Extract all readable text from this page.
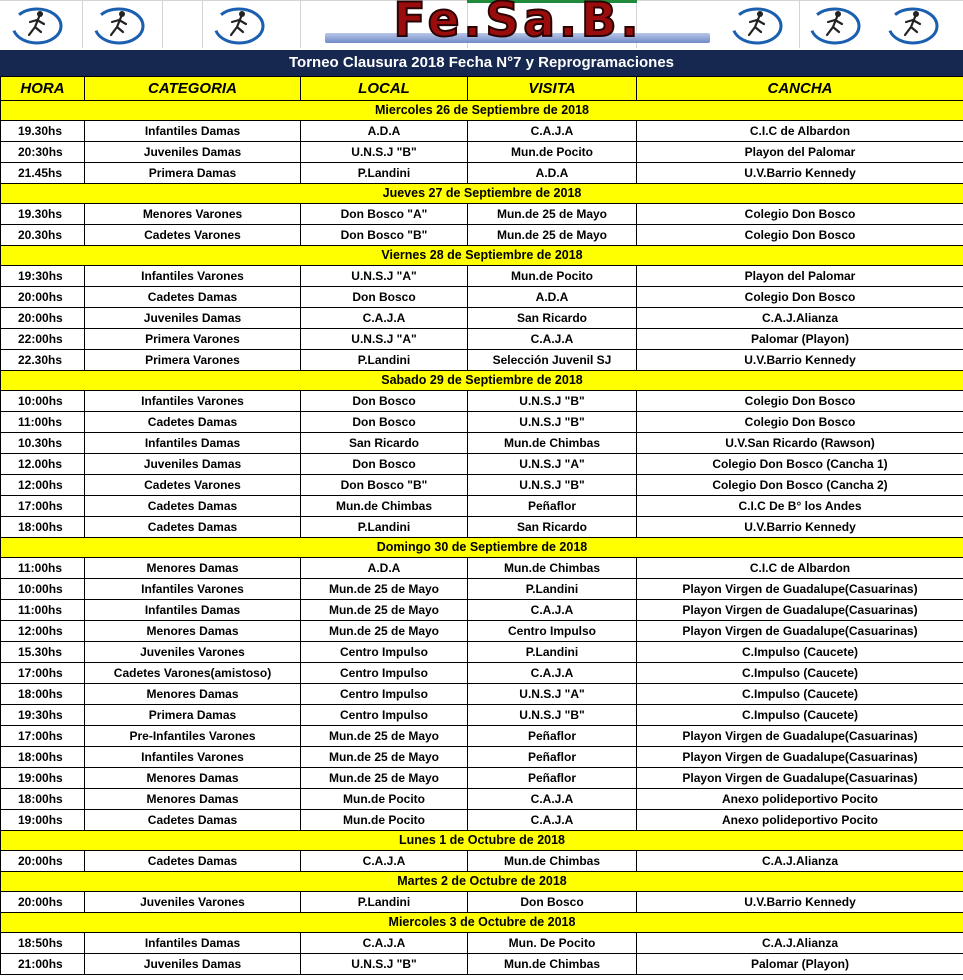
Fe.Sa.B.
Torneo Clausura 2018 Fecha N°7 y Reprogramaciones
HORA	CATEGORIA	LOCAL	VISITA	CANCHA
Miercoles 26 de Septiembre de 2018				
19.30hs	Infantiles Damas	A.D.A	C.A.J.A	C.I.C de Albardon
20:30hs	Juveniles Damas	U.N.S.J "B"	Mun.de Pocito	Playon del Palomar
21.45hs	Primera Damas	P.Landini	A.D.A	U.V.Barrio Kennedy
Jueves 27 de Septiembre de 2018				
19.30hs	Menores Varones	Don Bosco "A"	Mun.de 25 de Mayo	Colegio Don Bosco
20.30hs	Cadetes Varones	Don Bosco "B"	Mun.de 25 de Mayo	Colegio Don Bosco
Viernes 28 de Septiembre de 2018				
19:30hs	Infantiles Varones	U.N.S.J "A"	Mun.de Pocito	Playon del Palomar
20:00hs	Cadetes Damas	Don Bosco	A.D.A	Colegio Don Bosco
20:00hs	Juveniles Damas	C.A.J.A	San Ricardo	C.A.J.Alianza
22:00hs	Primera Varones	U.N.S.J "A"	C.A.J.A	Palomar (Playon)
22.30hs	Primera Varones	P.Landini	Selección Juvenil SJ	U.V.Barrio Kennedy
Sabado 29 de Septiembre de 2018				
10:00hs	Infantiles Varones	Don Bosco	U.N.S.J "B"	Colegio Don Bosco
11:00hs	Cadetes Damas	Don Bosco	U.N.S.J "B"	Colegio Don Bosco
10.30hs	Infantiles Damas	San Ricardo	Mun.de Chimbas	U.V.San Ricardo (Rawson)
12.00hs	Juveniles Damas	Don Bosco	U.N.S.J "A"	Colegio Don Bosco (Cancha 1)
12:00hs	Cadetes Varones	Don Bosco "B"	U.N.S.J "B"	Colegio Don Bosco (Cancha 2)
17:00hs	Cadetes Damas	Mun.de Chimbas	Peñaflor	C.I.C De B° los Andes
18:00hs	Cadetes Damas	P.Landini	San Ricardo	U.V.Barrio Kennedy
Domingo 30 de Septiembre de 2018				
11:00hs	Menores Damas	A.D.A	Mun.de Chimbas	C.I.C de Albardon
10:00hs	Infantiles Varones	Mun.de 25 de Mayo	P.Landini	Playon Virgen de Guadalupe(Casuarinas)
11:00hs	Infantiles Damas	Mun.de 25 de Mayo	C.A.J.A	Playon Virgen de Guadalupe(Casuarinas)
12:00hs	Menores Damas	Mun.de 25 de Mayo	Centro Impulso	Playon Virgen de Guadalupe(Casuarinas)
15.30hs	Juveniles Varones	Centro Impulso	P.Landini	C.Impulso (Caucete)
17:00hs	Cadetes Varones(amistoso)	Centro Impulso	C.A.J.A	C.Impulso (Caucete)
18:00hs	Menores Damas	Centro Impulso	U.N.S.J "A"	C.Impulso (Caucete)
19:30hs	Primera Damas	Centro Impulso	U.N.S.J "B"	C.Impulso (Caucete)
17:00hs	Pre-Infantiles Varones	Mun.de 25 de Mayo	Peñaflor	Playon Virgen de Guadalupe(Casuarinas)
18:00hs	Infantiles Varones	Mun.de 25 de Mayo	Peñaflor	Playon Virgen de Guadalupe(Casuarinas)
19:00hs	Menores Damas	Mun.de 25 de Mayo	Peñaflor	Playon Virgen de Guadalupe(Casuarinas)
18:00hs	Menores Damas	Mun.de Pocito	C.A.J.A	Anexo polideportivo Pocito
19:00hs	Cadetes Damas	Mun.de Pocito	C.A.J.A	Anexo polideportivo Pocito
Lunes 1 de Octubre de 2018				
20:00hs	Cadetes Damas	C.A.J.A	Mun.de Chimbas	C.A.J.Alianza
Martes 2 de Octubre de 2018				
20:00hs	Juveniles Varones	P.Landini	Don Bosco	U.V.Barrio Kennedy
Miercoles 3 de Octubre de 2018				
18:50hs	Infantiles Damas	C.A.J.A	Mun. De Pocito	C.A.J.Alianza
21:00hs	Juveniles Damas	U.N.S.J "B"	Mun.de Chimbas	Palomar (Playon)
